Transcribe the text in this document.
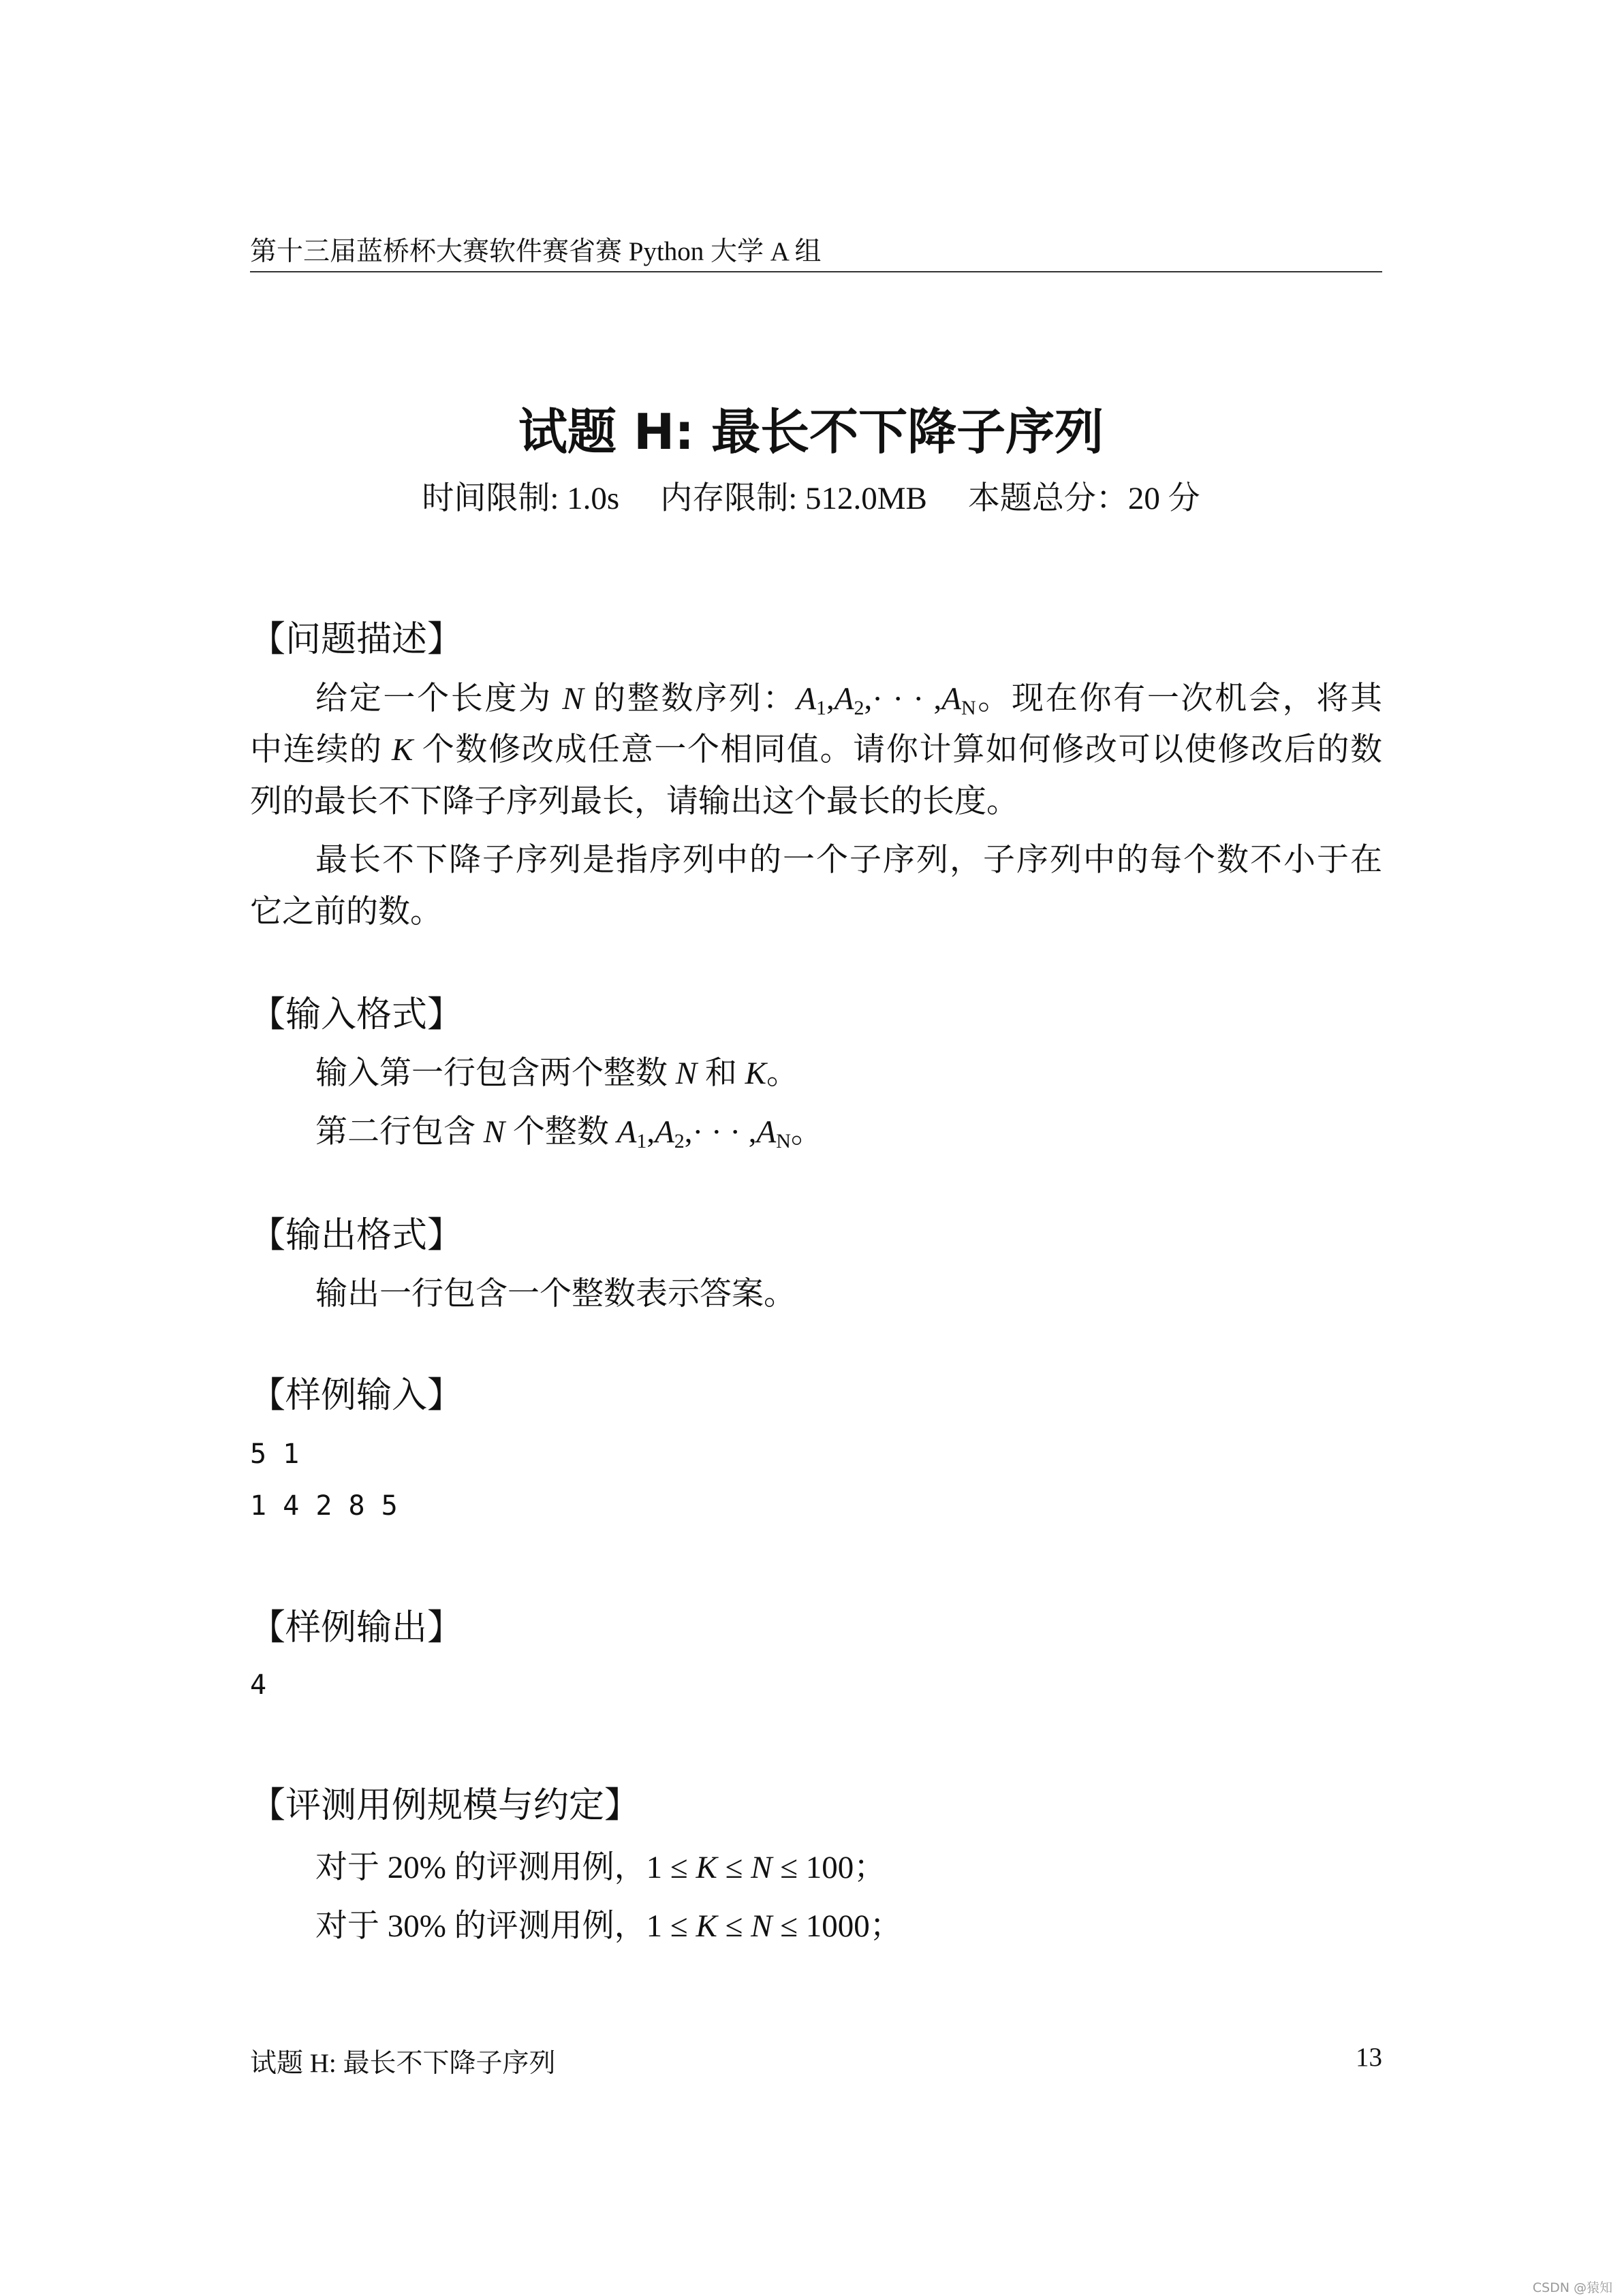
第十三届蓝桥杯大赛软件赛省赛 Python 大学 A 组
试题 H: 最长不下降子序列
时间限制: 1.0s 内存限制: 512.0MB 本题总分：20 分
【问题描述】
给定一个长度为 N 的整数序列：$A_1,A_2,\cdot$ · · $,A_N$。现在你有一次机会，将其
中连续的 K 个数修改成任意一个相同值。请你计算如何修改可以使修改后的数
列的最长不下降子序列最长，请输出这个最长的长度。
最长不下降子序列是指序列中的一个子序列，子序列中的每个数不小于在
它之前的数。
【输入格式】
输入第一行包含两个整数 N 和 K。
第二行包含 N 个整数 $A_1,A_2,\cdot$ · · $,A_N$。
【输出格式】
输出一行包含一个整数表示答案。
【样例输入】
5 1
1 4 2 8 5
【样例输出】
4
【评测用例规模与约定】
对于 20% 的评测用例，1 ≤ K ≤ N ≤ 100；
对于 30% 的评测用例，1 ≤ K ≤ N ≤ 1000；
试题 H: 最长不下降子序列	13
CSDN @猿知
